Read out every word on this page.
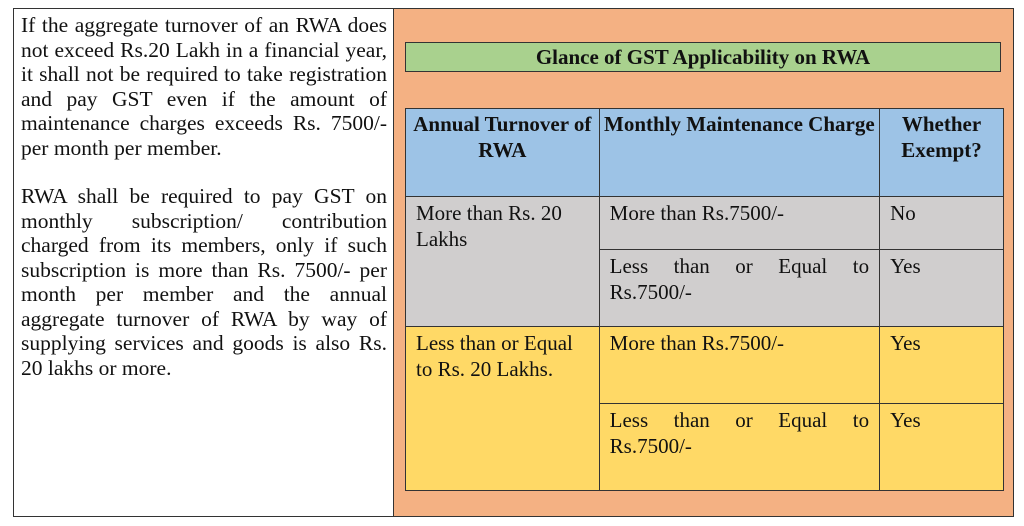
If the aggregate turnover of an RWA does not exceed Rs.20 Lakh in a financial year, it shall not be required to take registration and pay GST even if the amount of maintenance charges exceeds Rs. 7500/- per month per member.

RWA shall be required to pay GST on monthly subscription/ contribution charged from its members, only if such subscription is more than Rs. 7500/- per month per member and the annual aggregate turnover of RWA by way of supplying services and goods is also Rs. 20 lakhs or more.

Glance of GST Applicability on RWA
Annual Turnover of RWA	Monthly Maintenance Charge	Whether Exempt?
More than Rs. 20 Lakhs	More than Rs.7500/-	No

	Less than or Equal to Rs.7500/-	Yes
Less than or Equal to Rs. 20 Lakhs.	More than Rs.7500/-	Yes

	Less than or Equal to Rs.7500/-	Yes
